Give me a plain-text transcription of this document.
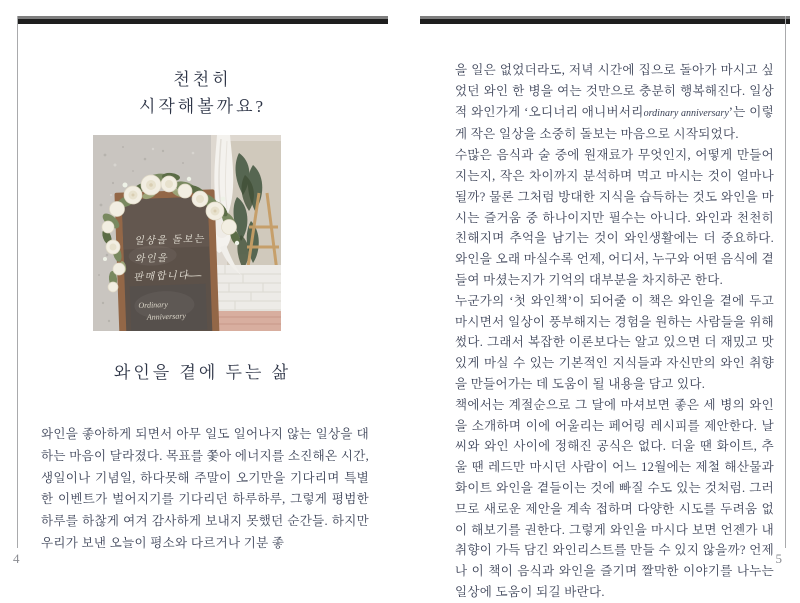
천천히
시작해볼까요?
일상을 돌보는
와인을
판매합니다
Ordinary
Anniversary
와인을 곁에 두는 삶
와인을 좋아하게 되면서 아무 일도 일어나지 않는 일상을 대하는 마음이 달라졌다. 목표를 쫓아 에너지를 소진해온 시간, 생일이나 기념일, 하다못해 주말이 오기만을 기다리며 특별한 이벤트가 벌어지기를 기다리던 하루하루, 그렇게 평범한 하루를 하찮게 여겨 감사하게 보내지 못했던 순간들. 하지만 우리가 보낸 오늘이 평소와 다르거나 기분 좋
4

을 일은 없었더라도, 저녁 시간에 집으로 돌아가 마시고 싶었던 와인 한 병을 여는 것만으로 충분히 행복해진다. 일상적 와인가게 ‘오디너리 애니버서리ordinary anniversary’는 이렇게 작은 일상을 소중히 돌보는 마음으로 시작되었다.

수많은 음식과 술 중에 원재료가 무엇인지, 어떻게 만들어지는지, 작은 차이까지 분석하며 먹고 마시는 것이 얼마나 될까? 물론 그처럼 방대한 지식을 습득하는 것도 와인을 마시는 즐거움 중 하나이지만 필수는 아니다. 와인과 천천히 친해지며 추억을 남기는 것이 와인생활에는 더 중요하다. 와인을 오래 마실수록 언제, 어디서, 누구와 어떤 음식에 곁들여 마셨는지가 기억의 대부분을 차지하곤 한다.

누군가의 ‘첫 와인책’이 되어줄 이 책은 와인을 곁에 두고 마시면서 일상이 풍부해지는 경험을 원하는 사람들을 위해 썼다. 그래서 복잡한 이론보다는 알고 있으면 더 재밌고 맛있게 마실 수 있는 기본적인 지식들과 자신만의 와인 취향을 만들어가는 데 도움이 될 내용을 담고 있다.

책에서는 계절순으로 그 달에 마셔보면 좋은 세 병의 와인을 소개하며 이에 어울리는 페어링 레시피를 제안한다. 날씨와 와인 사이에 정해진 공식은 없다. 더울 땐 화이트, 추울 땐 레드만 마시던 사람이 어느 12월에는 제철 해산물과 화이트 와인을 곁들이는 것에 빠질 수도 있는 것처럼. 그러므로 새로운 제안을 계속 접하며 다양한 시도를 두려움 없이 해보기를 권한다. 그렇게 와인을 마시다 보면 언젠가 내 취향이 가득 담긴 와인리스트를 만들 수 있지 않을까? 언제나 이 책이 음식과 와인을 즐기며 짤막한 이야기를 나누는 일상에 도움이 되길 바란다.

5
